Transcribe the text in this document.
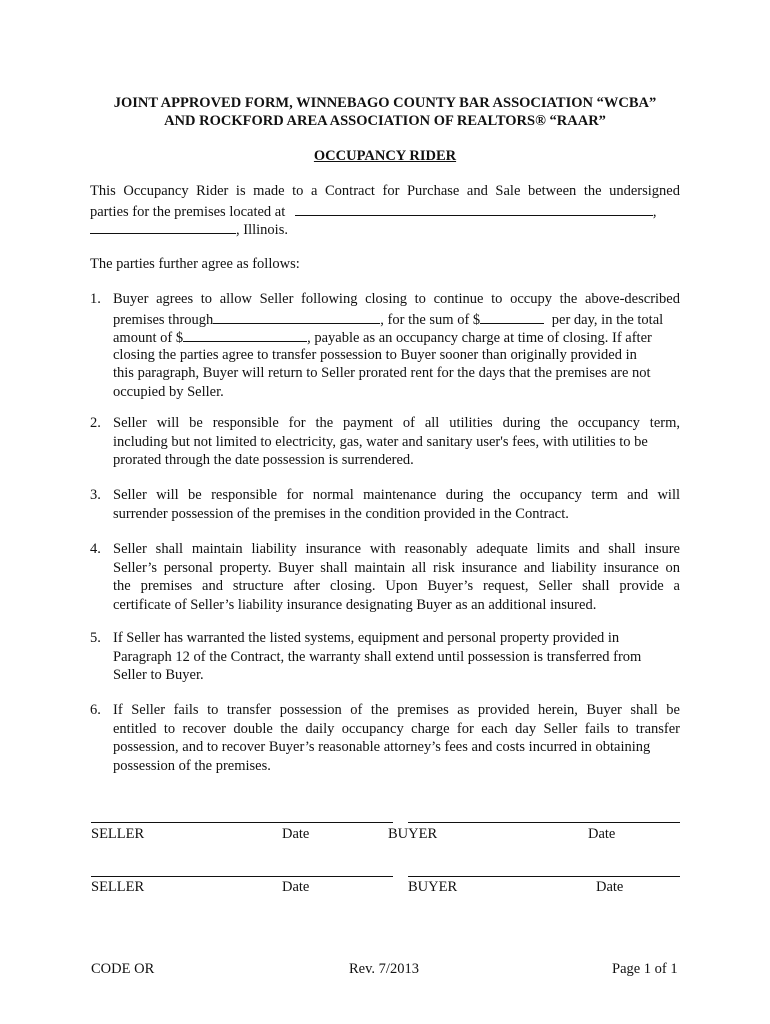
JOINT APPROVED FORM, WINNEBAGO COUNTY BAR ASSOCIATION “WCBA”
AND ROCKFORD AREA ASSOCIATION OF REALTORS® “RAAR”
OCCUPANCY RIDER
This Occupancy Rider is made to a Contract for Purchase and Sale between the undersigned
parties for the premises located at	,
, Illinois.
The parties further agree as follows:
1. Buyer agrees to allow Seller following closing to continue to occupy the above-described
premises through	, for the sum of $	per day, in the total
amount of $	, payable as an occupancy charge at time of closing. If after
closing the parties agree to transfer possession to Buyer sooner than originally provided in
this paragraph, Buyer will return to Seller prorated rent for the days that the premises are not
occupied by Seller.
2. Seller will be responsible for the payment of all utilities during the occupancy term,
including but not limited to electricity, gas, water and sanitary user's fees, with utilities to be
prorated through the date possession is surrendered.
3. Seller will be responsible for normal maintenance during the occupancy term and will
surrender possession of the premises in the condition provided in the Contract.
4. Seller shall maintain liability insurance with reasonably adequate limits and shall insure
Seller’s personal property. Buyer shall maintain all risk insurance and liability insurance on
the premises and structure after closing. Upon Buyer’s request, Seller shall provide a
certificate of Seller’s liability insurance designating Buyer as an additional insured.
5. If Seller has warranted the listed systems, equipment and personal property provided in
Paragraph 12 of the Contract, the warranty shall extend until possession is transferred from
Seller to Buyer.
6. If Seller fails to transfer possession of the premises as provided herein, Buyer shall be
entitled to recover double the daily occupancy charge for each day Seller fails to transfer
possession, and to recover Buyer’s reasonable attorney’s fees and costs incurred in obtaining
possession of the premises.
SELLER	Date	BUYER	Date
SELLER	Date	BUYER	Date
CODE OR	Rev. 7/2013	Page 1 of 1
